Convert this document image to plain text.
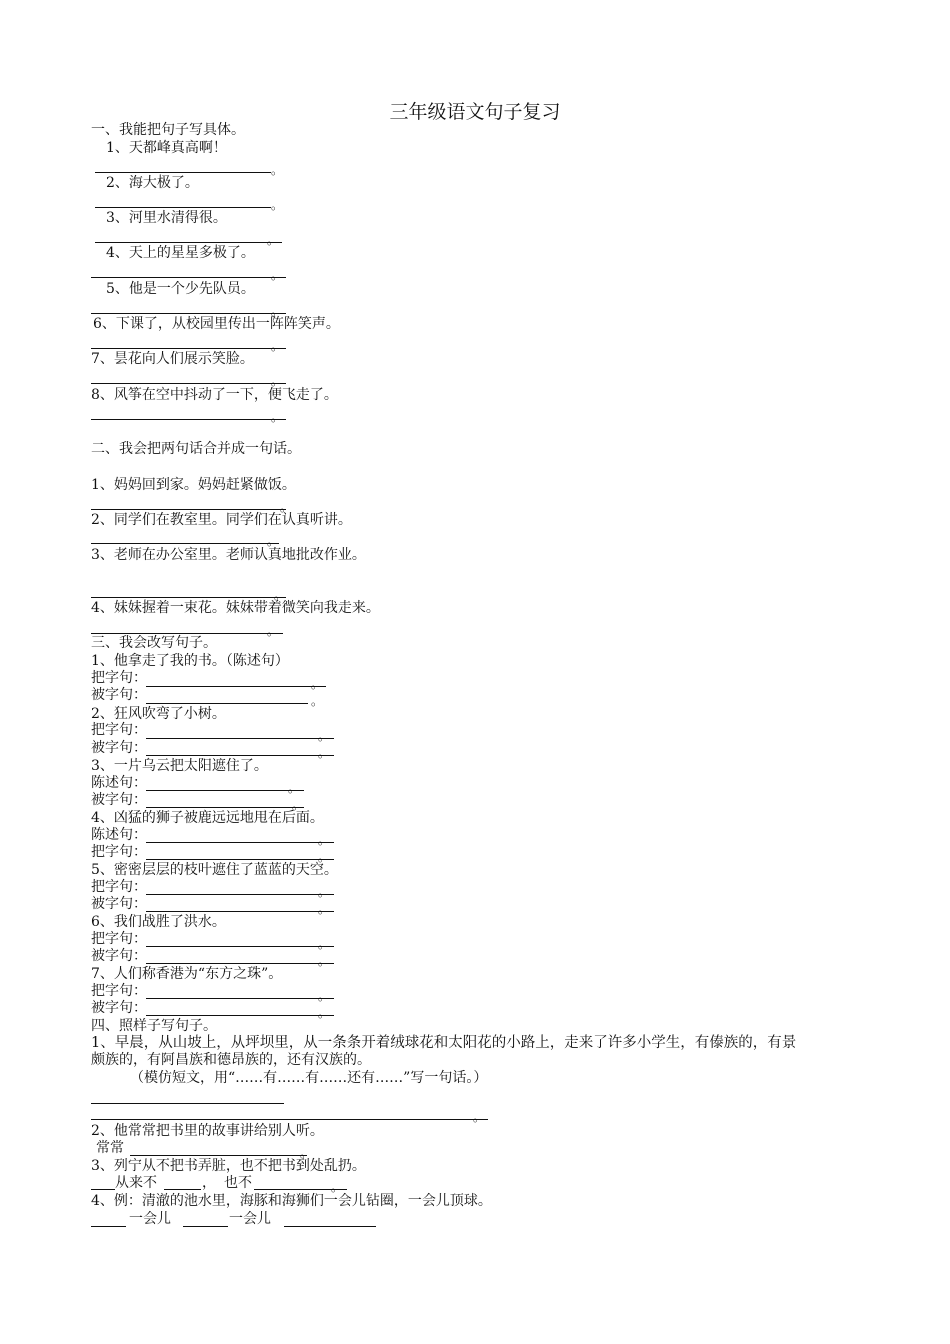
三年级语文句子复习
一、我能把句子写具体。
1、天都峰真高啊！
。
2、海大极了。
。
3、河里水清得很。
。
4、天上的星星多极了。
。
5、他是一个少先队员。
。
6、下课了，从校园里传出一阵阵笑声。
。
7、昙花向人们展示笑脸。
。
8、风筝在空中抖动了一下，便飞走了。
。
二、我会把两句话合并成一句话。
1、妈妈回到家。妈妈赶紧做饭。
。
2、同学们在教室里。同学们在认真听讲。
。
3、老师在办公室里。老师认真地批改作业。
。
4、妹妹握着一束花。妹妹带着微笑向我走来。
。
三、我会改写句子。
1、他拿走了我的书。（陈述句）
把字句：	。
被字句：	。
2、狂风吹弯了小树。
把字句：	。
被字句：	。
3、一片乌云把太阳遮住了。
陈述句：	。
被字句：	。
4、凶猛的狮子被鹿远远地甩在后面。
陈述句：	。
把字句：	。
5、密密层层的枝叶遮住了蓝蓝的天空。
把字句：	。
被字句：	。
6、我们战胜了洪水。
把字句：	。
被字句：	。
7、人们称香港为“东方之珠”。
把字句：	。
被字句：	。
四、照样子写句子。
1、早晨，从山坡上，从坪坝里，从一条条开着绒球花和太阳花的小路上，走来了许多小学生，有傣族的，有景
颇族的，有阿昌族和德昂族的，还有汉族的。
（模仿短文，用“……有……有……还有……”写一句话。）
。
2、他常常把书里的故事讲给别人听。
常常	。
3、列宁从不把书弄脏，也不把书到处乱扔。
从来不	， 也不	。
4、例：清澈的池水里，海豚和海狮们一会儿钻圈，一会儿顶球。
一会儿	一会儿
